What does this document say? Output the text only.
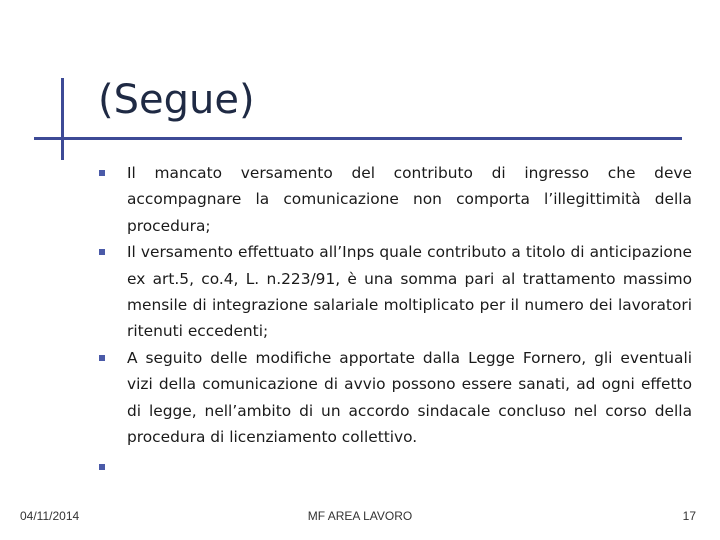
(Segue)
Il mancato versamento del contributo di ingresso che deve accompagnare la comunicazione non comporta l’illegittimità della procedura;
Il versamento effettuato all’Inps quale contributo a titolo di anticipazione ex art.5, co.4, L. n.223/91, è una somma pari al trattamento massimo mensile di integrazione salariale moltiplicato per il numero dei lavoratori ritenuti eccedenti;
A seguito delle modifiche apportate dalla Legge Fornero, gli eventuali vizi della comunicazione di avvio possono essere sanati, ad ogni effetto di legge, nell’ambito di un accordo sindacale concluso nel corso della procedura di licenziamento collettivo.
04/11/2014	MF AREA LAVORO	17
